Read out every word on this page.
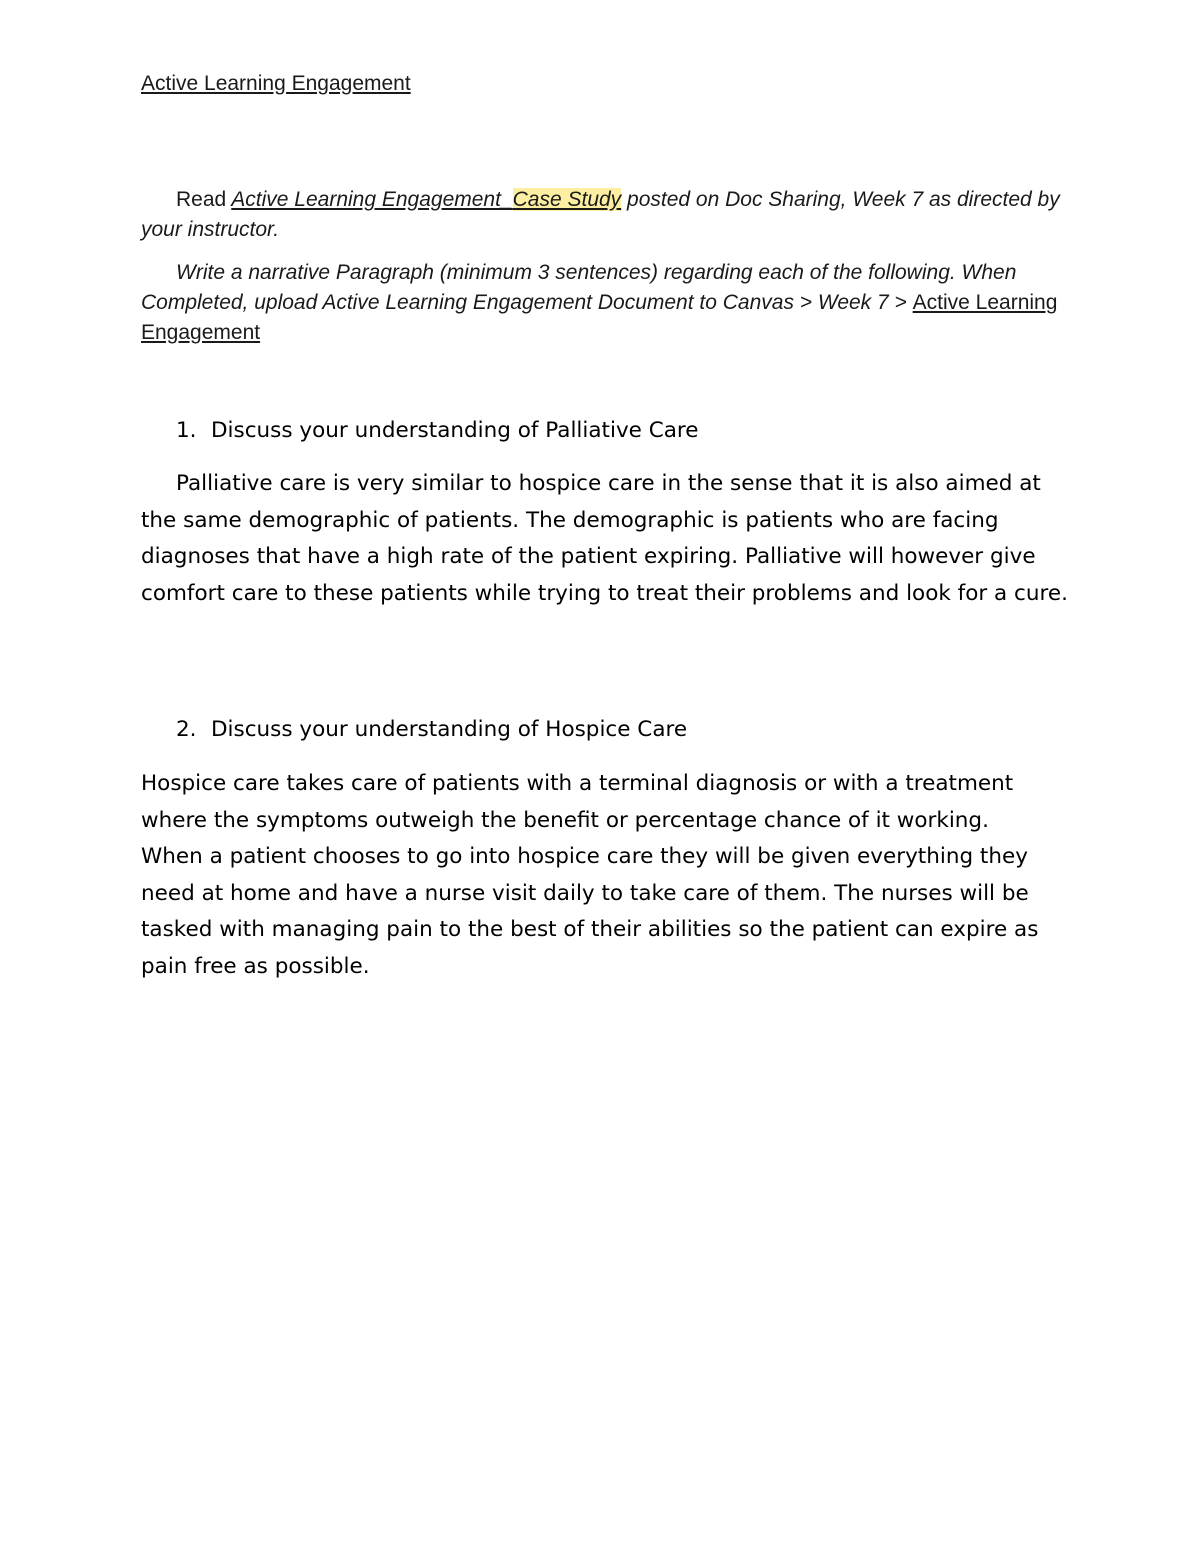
Active Learning Engagement

Read Active Learning Engagement_Case Study posted on Doc Sharing, Week 7 as directed by your instructor.

Write a narrative Paragraph (minimum 3 sentences) regarding each of the following. When Completed, upload Active Learning Engagement Document to Canvas > Week 7 > Active Learning Engagement

1. Discuss your understanding of Palliative Care

Palliative care is very similar to hospice care in the sense that it is also aimed at the same demographic of patients. The demographic is patients who are facing diagnoses that have a high rate of the patient expiring. Palliative will however give comfort care to these patients while trying to treat their problems and look for a cure.

2. Discuss your understanding of Hospice Care

Hospice care takes care of patients with a terminal diagnosis or with a treatment where the symptoms outweigh the benefit or percentage chance of it working. When a patient chooses to go into hospice care they will be given everything they need at home and have a nurse visit daily to take care of them. The nurses will be tasked with managing pain to the best of their abilities so the patient can expire as pain free as possible.
